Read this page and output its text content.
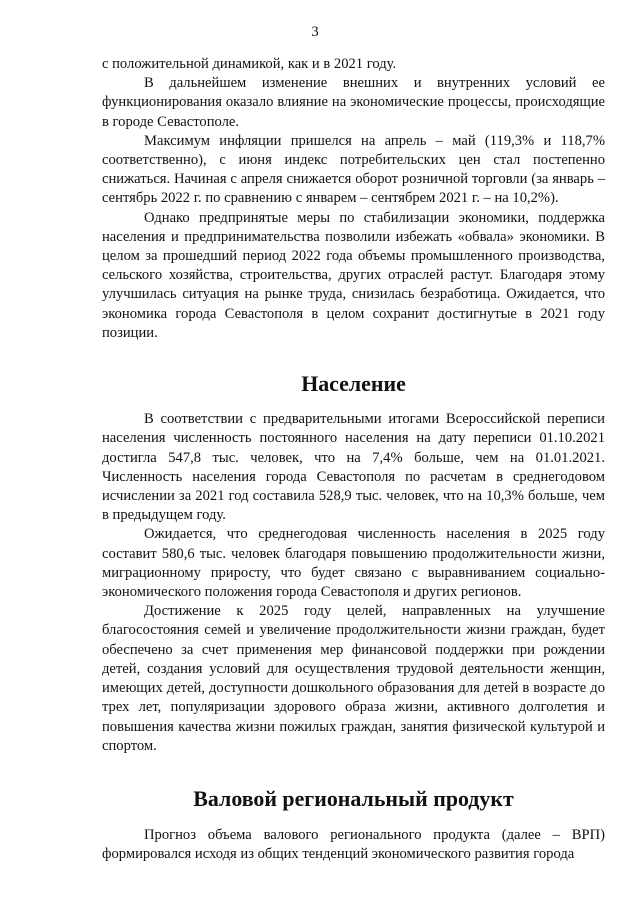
3

с положительной динамикой, как и в 2021 году.

В дальнейшем изменение внешних и внутренних условий ее функционирования оказало влияние на экономические процессы, происходящие в городе Севастополе.

Максимум инфляции пришелся на апрель – май (119,3% и 118,7% соответственно), с июня индекс потребительских цен стал постепенно снижаться. Начиная с апреля снижается оборот розничной торговли (за январь – сентябрь 2022 г. по сравнению с январем – сентябрем 2021 г. – на 10,2%).

Однако предпринятые меры по стабилизации экономики, поддержка населения и предпринимательства позволили избежать «обвала» экономики. В целом за прошедший период 2022 года объемы промышленного производства, сельского хозяйства, строительства, других отраслей растут. Благодаря этому улучшилась ситуация на рынке труда, снизилась безработица. Ожидается, что экономика города Севастополя в целом сохранит достигнутые в 2021 году позиции.

Население

В соответствии с предварительными итогами Всероссийской переписи населения численность постоянного населения на дату переписи 01.10.2021 достигла 547,8 тыс. человек, что на 7,4% больше, чем на 01.01.2021. Численность населения города Севастополя по расчетам в среднегодовом исчислении за 2021 год составила 528,9 тыс. человек, что на 10,3% больше, чем в предыдущем году.

Ожидается, что среднегодовая численность населения в 2025 году составит 580,6 тыс. человек благодаря повышению продолжительности жизни, миграционному приросту, что будет связано с выравниванием социально-экономического положения города Севастополя и других регионов.

Достижение к 2025 году целей, направленных на улучшение благосостояния семей и увеличение продолжительности жизни граждан, будет обеспечено за счет применения мер финансовой поддержки при рождении детей, создания условий для осуществления трудовой деятельности женщин, имеющих детей, доступности дошкольного образования для детей в возрасте до трех лет, популяризации здорового образа жизни, активного долголетия и повышения качества жизни пожилых граждан, занятия физической культурой и спортом.

Валовой региональный продукт

Прогноз объема валового регионального продукта (далее – ВРП) формировался исходя из общих тенденций экономического развития города
